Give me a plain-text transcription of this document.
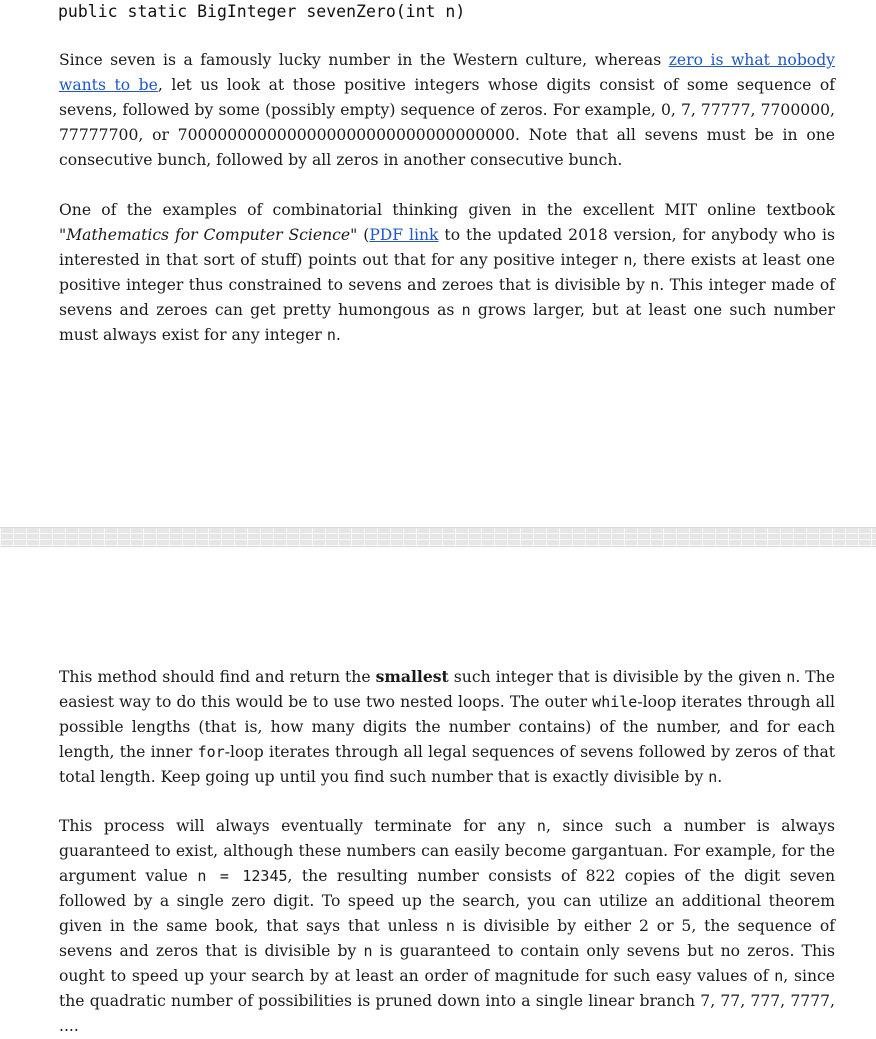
public static BigInteger sevenZero(int n)
Since seven is a famously lucky number in the Western culture, whereas zero is what nobody wants to be, let us look at those positive integers whose digits consist of some sequence of sevens, followed by some (possibly empty) sequence of zeros. For example, 0, 7, 77777, 7700000, 77777700, or 7000000000000000000000000000000000. Note that all sevens must be in one consecutive bunch, followed by all zeros in another consecutive bunch.
One of the examples of combinatorial thinking given in the excellent MIT online textbook "Mathematics for Computer Science" (PDF link to the updated 2018 version, for anybody who is interested in that sort of stuff) points out that for any positive integer n, there exists at least one positive integer thus constrained to sevens and zeroes that is divisible by n. This integer made of sevens and zeroes can get pretty humongous as n grows larger, but at least one such number must always exist for any integer n.
This method should find and return the smallest such integer that is divisible by the given n. The easiest way to do this would be to use two nested loops. The outer while-loop iterates through all possible lengths (that is, how many digits the number contains) of the number, and for each length, the inner for-loop iterates through all legal sequences of sevens followed by zeros of that total length. Keep going up until you find such number that is exactly divisible by n.
This process will always eventually terminate for any n, since such a number is always guaranteed to exist, although these numbers can easily become gargantuan. For example, for the argument value n = 12345, the resulting number consists of 822 copies of the digit seven followed by a single zero digit. To speed up the search, you can utilize an additional theorem given in the same book, that says that unless n is divisible by either 2 or 5, the sequence of sevens and zeros that is divisible by n is guaranteed to contain only sevens but no zeros. This ought to speed up your search by at least an order of magnitude for such easy values of n, since the quadratic number of possibilities is pruned down into a single linear branch 7, 77, 777, 7777, ....
